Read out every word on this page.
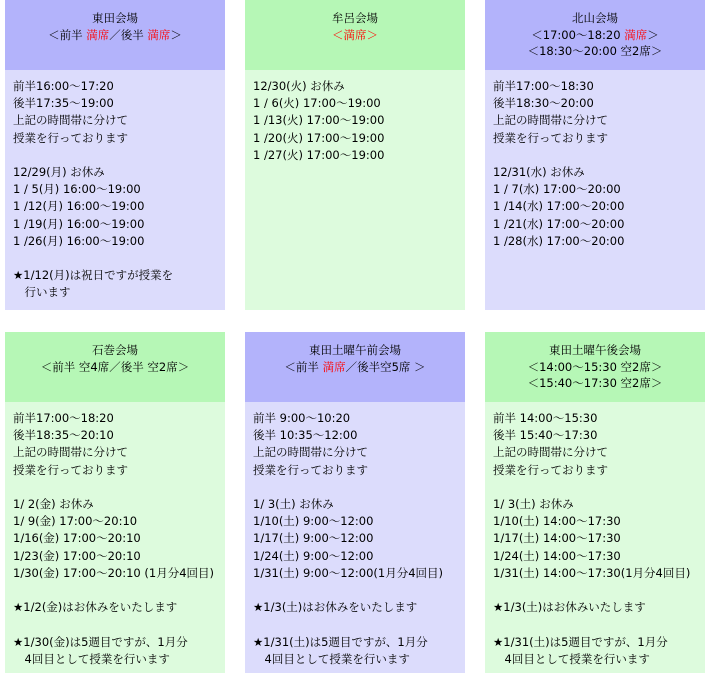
東田会場
＜前半 満席／後半 満席＞
前半16:00～17:20
後半17:35～19:00
上記の時間帯に分けて
授業を行っております
12/29(月) お休み
1 / 5(月) 16:00～19:00
1 /12(月) 16:00～19:00
1 /19(月) 16:00～19:00
1 /26(月) 16:00～19:00
★1/12(月)は祝日ですが授業を
　行います
牟呂会場
＜満席＞
12/30(火) お休み
1 / 6(火) 17:00～19:00
1 /13(火) 17:00～19:00
1 /20(火) 17:00～19:00
1 /27(火) 17:00～19:00
北山会場
＜17:00～18:20 満席＞
＜18:30～20:00 空2席＞
前半17:00～18:30
後半18:30～20:00
上記の時間帯に分けて
授業を行っております
12/31(水) お休み
1 / 7(水) 17:00～20:00
1 /14(水) 17:00～20:00
1 /21(水) 17:00～20:00
1 /28(水) 17:00～20:00
石巻会場
＜前半 空4席／後半 空2席＞
前半17:00～18:20
後半18:35～20:10
上記の時間帯に分けて
授業を行っております
1/ 2(金) お休み
1/ 9(金) 17:00～20:10
1/16(金) 17:00～20:10
1/23(金) 17:00～20:10
1/30(金) 17:00～20:10 (1月分4回目)
★1/2(金)はお休みをいたします
★1/30(金)は5週目ですが、1月分
　4回目として授業を行います
東田土曜午前会場
＜前半 満席／後半空5席 ＞
前半 9:00～10:20
後半 10:35～12:00
上記の時間帯に分けて
授業を行っております
1/ 3(土) お休み
1/10(土) 9:00～12:00
1/17(土) 9:00～12:00
1/24(土) 9:00～12:00
1/31(土) 9:00～12:00(1月分4回目)
★1/3(土)はお休みをいたします
★1/31(土)は5週目ですが、1月分
　4回目として授業を行います
東田土曜午後会場
＜14:00～15:30 空2席＞
＜15:40～17:30 空2席＞
前半 14:00～15:30
後半 15:40～17:30
上記の時間帯に分けて
授業を行っております
1/ 3(土) お休み
1/10(土) 14:00～17:30
1/17(土) 14:00～17:30
1/24(土) 14:00～17:30
1/31(土) 14:00～17:30(1月分4回目)
★1/3(土)はお休みいたします
★1/31(土)は5週目ですが、1月分
　4回目として授業を行います
